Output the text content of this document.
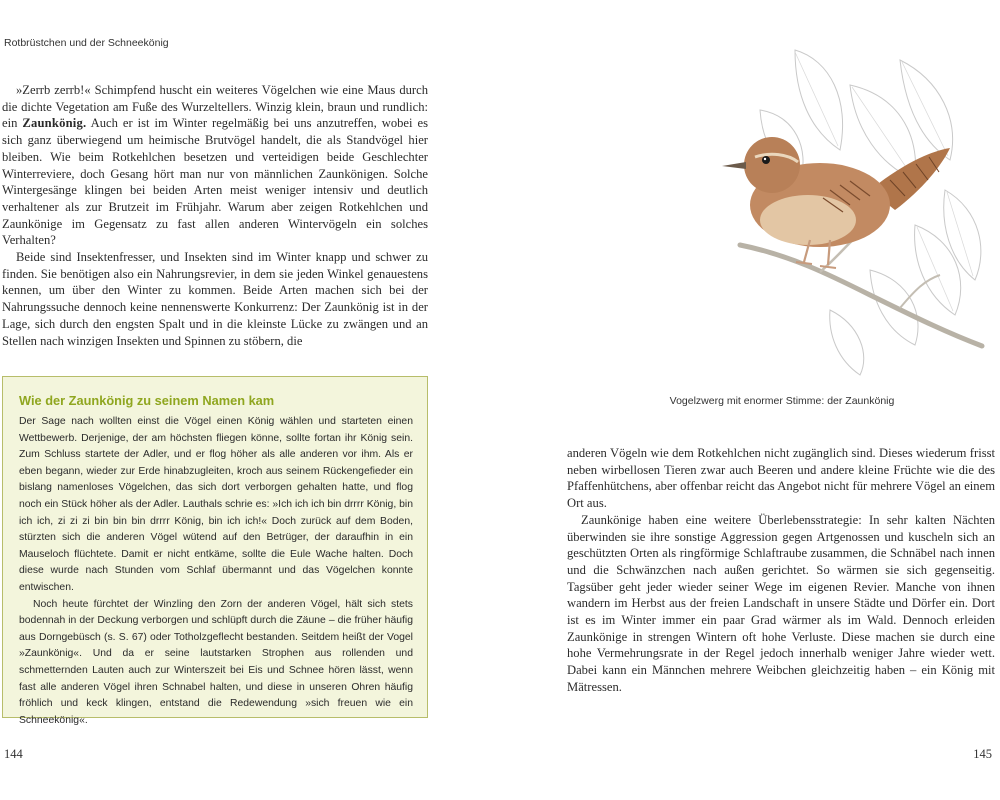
Rotbrüstchen und der Schneekönig

»Zerrb zerrb!« Schimpfend huscht ein weiteres Vögelchen wie eine Maus durch die dichte Vegetation am Fuße des Wurzeltellers. Winzig klein, braun und rundlich: ein Zaunkönig. Auch er ist im Winter regelmäßig bei uns anzutreffen, wobei es sich ganz überwiegend um heimische Brutvögel handelt, die als Standvögel hier bleiben. Wie beim Rotkehlchen besetzen und verteidigen beide Geschlechter Winterreviere, doch Gesang hört man nur von männlichen Zaunkönigen. Solche Wintergesänge klingen bei beiden Arten meist weniger intensiv und deutlich verhaltener als zur Brutzeit im Frühjahr. Warum aber zeigen Rotkehlchen und Zaunkönige im Gegensatz zu fast allen anderen Wintervögeln ein solches Verhalten?

Beide sind Insektenfresser, und Insekten sind im Winter knapp und schwer zu finden. Sie benötigen also ein Nahrungsrevier, in dem sie jeden Winkel genauestens kennen, um über den Winter zu kommen. Beide Arten machen sich bei der Nahrungssuche dennoch keine nennenswerte Konkurrenz: Der Zaunkönig ist in der Lage, sich durch den engsten Spalt und in die kleinste Lücke zu zwängen und an Stellen nach winzigen Insekten und Spinnen zu stöbern, die

Wie der Zaunkönig zu seinem Namen kam

Der Sage nach wollten einst die Vögel einen König wählen und starteten einen Wettbewerb. Derjenige, der am höchsten fliegen könne, sollte fortan ihr König sein. Zum Schluss startete der Adler, und er flog höher als alle anderen vor ihm. Als er eben begann, wieder zur Erde hinabzugleiten, kroch aus seinem Rückengefieder ein bislang namenloses Vögelchen, das sich dort verborgen gehalten hatte, und flog noch ein Stück höher als der Adler. Lauthals schrie es: »Ich ich ich bin drrrr König, bin ich ich, zi zi zi bin bin bin drrrr König, bin ich ich!« Doch zurück auf dem Boden, stürzten sich die anderen Vögel wütend auf den Betrüger, der daraufhin in ein Mauseloch flüchtete. Damit er nicht entkäme, sollte die Eule Wache halten. Doch diese wurde nach Stunden vom Schlaf übermannt und das Vögelchen konnte entwischen.

Noch heute fürchtet der Winzling den Zorn der anderen Vögel, hält sich stets bodennah in der Deckung verborgen und schlüpft durch die Zäune – die früher häufig aus Dorngebüsch (s. S. 67) oder Totholzgeflecht bestanden. Seitdem heißt der Vogel »Zaunkönig«. Und da er seine lautstarken Strophen aus rollenden und schmetternden Lauten auch zur Winterszeit bei Eis und Schnee hören lässt, wenn fast alle anderen Vögel ihren Schnabel halten, und diese in unseren Ohren häufig fröhlich und keck klingen, entstand die Redewendung »sich freuen wie ein Schneekönig«.

Vogelzwerg mit enormer Stimme: der Zaunkönig

anderen Vögeln wie dem Rotkehlchen nicht zugänglich sind. Dieses wiederum frisst neben wirbellosen Tieren zwar auch Beeren und andere kleine Früchte wie die des Pfaffenhütchens, aber offenbar reicht das Angebot nicht für mehrere Vögel an einem Ort aus.

Zaunkönige haben eine weitere Überlebensstrategie: In sehr kalten Nächten überwinden sie ihre sonstige Aggression gegen Artgenossen und kuscheln sich an geschützten Orten als ringförmige Schlaftraube zusammen, die Schnäbel nach innen und die Schwänzchen nach außen gerichtet. So wärmen sie sich gegenseitig. Tagsüber geht jeder wieder seiner Wege im eigenen Revier. Manche von ihnen wandern im Herbst aus der freien Landschaft in unsere Städte und Dörfer ein. Dort ist es im Winter immer ein paar Grad wärmer als im Wald. Dennoch erleiden Zaunkönige in strengen Wintern oft hohe Verluste. Diese machen sie durch eine hohe Vermehrungsrate in der Regel jedoch innerhalb weniger Jahre wieder wett. Dabei kann ein Männchen mehrere Weibchen gleichzeitig haben – ein König mit Mätressen.

144	145
